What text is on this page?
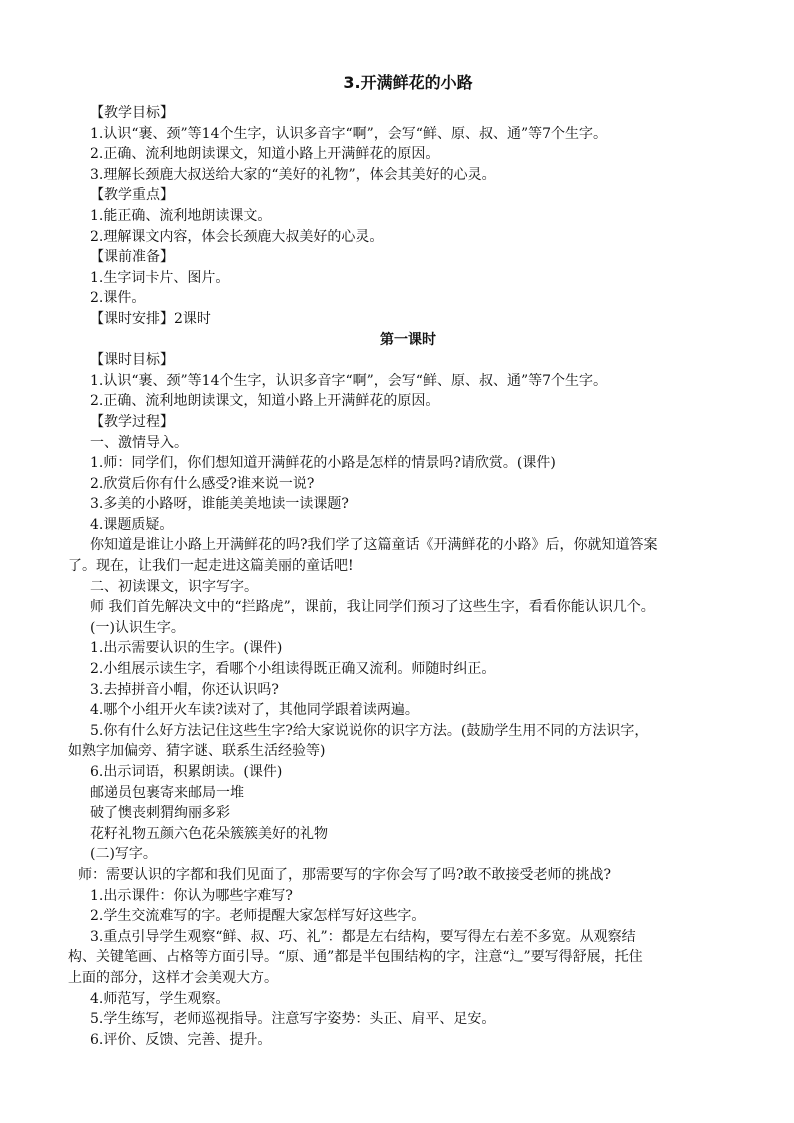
3.开满鲜花的小路
【教学目标】
1.认识“裹、颈”等14个生字，认识多音字“啊”，会写“鲜、原、叔、通”等7个生字。
2.正确、流利地朗读课文，知道小路上开满鲜花的原因。
3.理解长颈鹿大叔送给大家的“美好的礼物”，体会其美好的心灵。
【教学重点】
1.能正确、流利地朗读课文。
2.理解课文内容，体会长颈鹿大叔美好的心灵。
【课前准备】
1.生字词卡片、图片。
2.课件。
【课时安排】2课时
第一课时
【课时目标】
1.认识“裹、颈”等14个生字，认识多音字“啊”，会写“鲜、原、叔、通”等7个生字。
2.正确、流利地朗读课文，知道小路上开满鲜花的原因。
【教学过程】
一、激情导入。
1.师：同学们，你们想知道开满鲜花的小路是怎样的情景吗?请欣赏。(课件)
2.欣赏后你有什么感受?谁来说一说?
3.多美的小路呀，谁能美美地读一读课题?
4.课题质疑。
你知道是谁让小路上开满鲜花的吗?我们学了这篇童话《开满鲜花的小路》后，你就知道答案
了。现在，让我们一起走进这篇美丽的童话吧!
二、初读课文，识字写字。
师 我们首先解决文中的“拦路虎”，课前，我让同学们预习了这些生字，看看你能认识几个。
(一)认识生字。
1.出示需要认识的生字。(课件)
2.小组展示读生字，看哪个小组读得既正确又流利。师随时纠正。
3.去掉拼音小帽，你还认识吗?
4.哪个小组开火车读?读对了，其他同学跟着读两遍。
5.你有什么好方法记住这些生字?给大家说说你的识字方法。(鼓励学生用不同的方法识字，
如熟字加偏旁、猜字谜、联系生活经验等)
6.出示词语，积累朗读。(课件)
邮递员包裹寄来邮局一堆
破了懊丧刺猬绚丽多彩
花籽礼物五颜六色花朵簇簇美好的礼物
(二)写字。
师：需要认识的字都和我们见面了，那需要写的字你会写了吗?敢不敢接受老师的挑战?
1.出示课件：你认为哪些字难写?
2.学生交流难写的字。老师提醒大家怎样写好这些字。
3.重点引导学生观察“鲜、叔、巧、礼”：都是左右结构，要写得左右差不多宽。从观察结
构、关键笔画、占格等方面引导。“原、通”都是半包围结构的字，注意“辶”要写得舒展，托住
上面的部分，这样才会美观大方。
4.师范写，学生观察。
5.学生练写，老师巡视指导。注意写字姿势：头正、肩平、足安。
6.评价、反馈、完善、提升。
